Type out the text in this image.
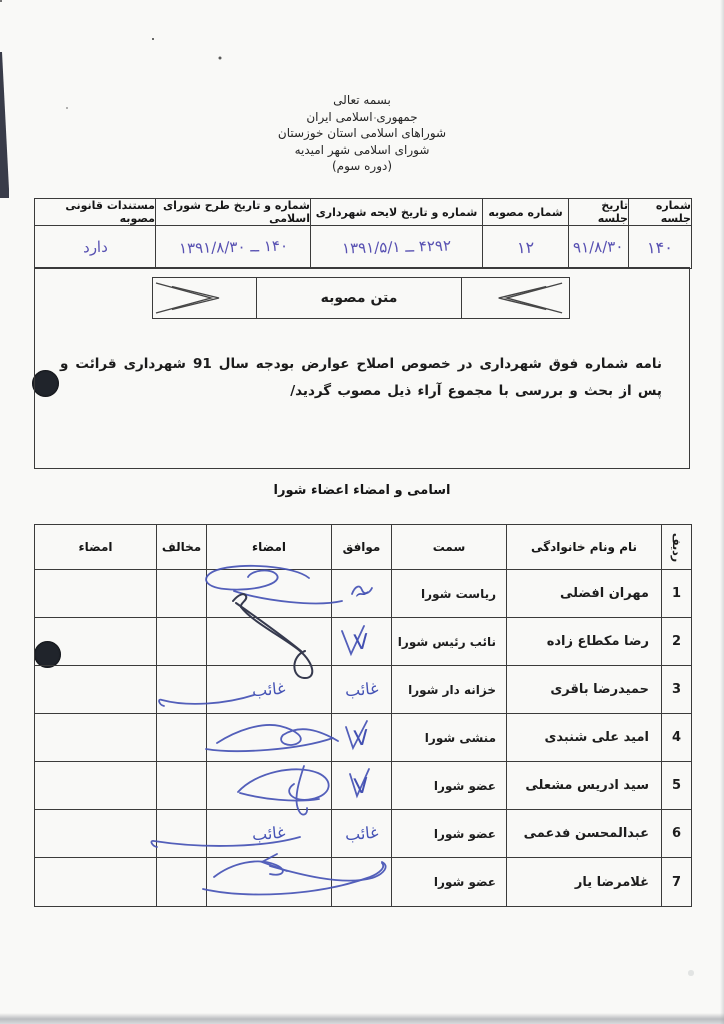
بسمه تعالی
جمهوری اسلامی ایران
شوراهای اسلامی استان خوزستان
شورای اسلامی شهر امیدیه
(دوره سوم)
شماره جلسه
تاریخ جلسه
شماره مصوبه
شماره و تاریخ لایحه شهرداری
شماره و تاریخ طرح شورای اسلامی
مستندات قانونی مصوبه
۱۴۰
۹۱/۸/۳۰
۱۲
۴۲۹۲ ــ ۱۳۹۱/۵/۱
۱۴۰ ــ ۱۳۹۱/۸/۳۰
دارد
متن مصوبه

نامه شماره فوق شهرداری در خصوص اصلاح عوارض بودجه سال 91 شهرداری قرائت و پس از بحث و بررسی با مجموع آراء ذیل مصوب گردید/

اسامی و امضاء اعضاء شورا
ردیف
نام ونام خانوادگی
سمت
موافق
امضاء
مخالف
امضاء
1
مهران افضلی
ریاست شورا
~
2
رضا مکطاع زاده
نائب رئیس شورا
V
3
حمیدرضا باقری
خزانه دار شورا
غائب
غائب
4
امید علی شنبدی
منشی شورا
V
5
سید ادریس مشعلی
عضو شورا
V
6
عبدالمحسن فدعمی
عضو شورا
غائب
غائب
7
غلامرضا یار
عضو شورا
